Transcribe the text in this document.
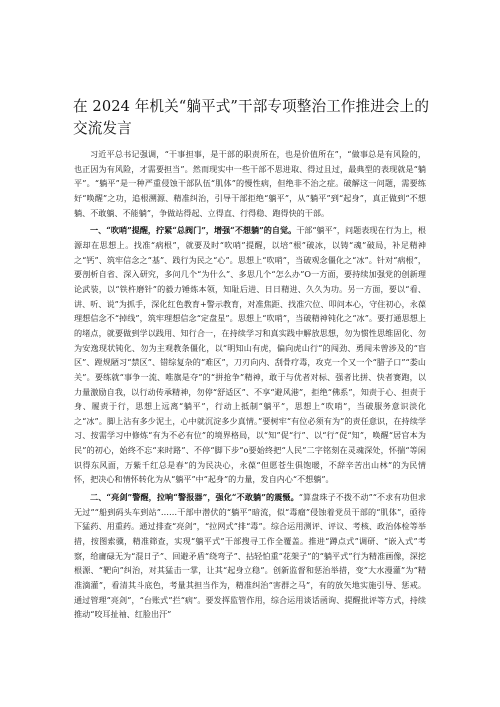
在 2024 年机关“躺平式”干部专项整治工作推进会上的交流发言

习近平总书记强调，“干事担事，是干部的职责所在，也是价值所在”，“做事总是有风险的，也正因为有风险，才需要担当”。然而现实中一些干部不思进取、得过且过，最典型的表现就是“躺平”。“躺平”是一种严重侵蚀干部队伍“肌体”的慢性病，但绝非不治之症。破解这一问题，需要练好“唤醒”之功，追根溯源、精准纠治，引导干部拒绝“躺平”，从“躺平”到“起身”，真正做到“不想躺、不敢躺、不能躺”，争做站得起、立得直、行得稳、跑得快的干部。

一、“吹哨”提醒，拧紧“总阀门”，增强“不想躺”的自觉。干部“躺平”，问题表现在行为上，根源却在思想上。找准“病根”，就要及时“吹哨”提醒，以培“根”破冰，以铸“魂”破局，补足精神之“钙”、筑牢信念之“基”、践行为民之“心”。思想上“吹哨”，当破观念僵化之“冰”。针对“病根”，要剖析自省、深入研究，多问几个“为什么”、多思几个“怎么办”O一方面，要持续加强党的创新理论武装，以“铁杵磨针”的毅力锤炼本领，知耻后进、日日精进、久久为功。另一方面，要以“看、讲、听、说”为抓手，深化红色教育+警示教育，对准焦距、找准穴位、叩问本心，守住初心，永葆理想信念不“掉线”，筑牢理想信念“定盘星”。思想上“吹哨”，当破精神钝化之“冰”。要打通思想上的堵点，就要做到学以践用、知行合一，在持续学习和真实践中解放思想，勿为惯性思维固化、勿为安逸现状钝化、勿为主观教条僵化，以“明知山有虎，偏向虎山行”的闯劲、勇闯未曾涉及的“盲区”、蹚规陋习“禁区”、错综复杂的“难区”，刀刃向内、刮骨疗毒，攻克一个又一个“腊子口”“娄山关”。要练就“事争一流、唯旗是夺”的“拼抢争”精神，敢于与优者对标、强者比拼、快者赛跑，以力量激励自我，以行动传承精神，勿停“舒适区”、不享“避风港”，拒绝“佛系”，知责于心、担责于身、履责于行，思想上远离“躺平”，行动上抵制“躺平”，思想上“吹哨”，当破服务意识淡化之“冰”。脚上沾有多少泥土，心中就沉淀多少真情。”要树牢“有位必须有为”的责任意识，在持续学习、按需学习中修炼“有为不必有位”的境界格局，以“知”促“行”、以“行”促“知”，唤醒“居官本为民”的初心，始终不忘“来时路”、不停“脚下步”o要始终把“人民”二字铭刻在灵魂深处，怀揣“等闲识得东风面，万紫千红总是春”的为民决心，永葆“但愿苍生俱饱暖，不辞辛苦出山林”的为民情怀，把决心和情怀转化为从“躺平”中“起身”的力量，发自内心“不想躺”。

二、“亮剑”警醒，拉响“警报器”，强化“不敢躺”的震慑。“算盘珠子不拨不动”“不求有功但求无过”“船到码头车到站”……干部中潜伏的“躺平”暗流，似“毒瘤”侵蚀着党员干部的“肌体”，亟待下猛药、用重药。通过排查“亮剑”，“拉网式”排“毒”。综合运用测评、评议、考核、政治体检等举措，按图索骥，精准筛查，实现“躺平式”干部搜寻工作全覆盖。推进“蹲点式”调研、“嵌入式”考察，给庸碌无为“混日子”、回避矛盾“绕弯子”、拈轻怕重“花架子”的“躺平式”行为精准画像，深挖根源、“靶向”纠治，对其猛击一掌，让其“起身立稳”。创新监督和惩治举措，变“大水漫灌”为“精准滴灌”，看清其斗底色，考量其担当作为，精准纠治“害群之马”，有的放矢地实施引导、惩戒。通过管理“亮剑”，“台账式”拦“病”。要发挥监管作用，综合运用谈话函询、提醒批评等方式，持续推动“咬耳扯袖、红脸出汗”
